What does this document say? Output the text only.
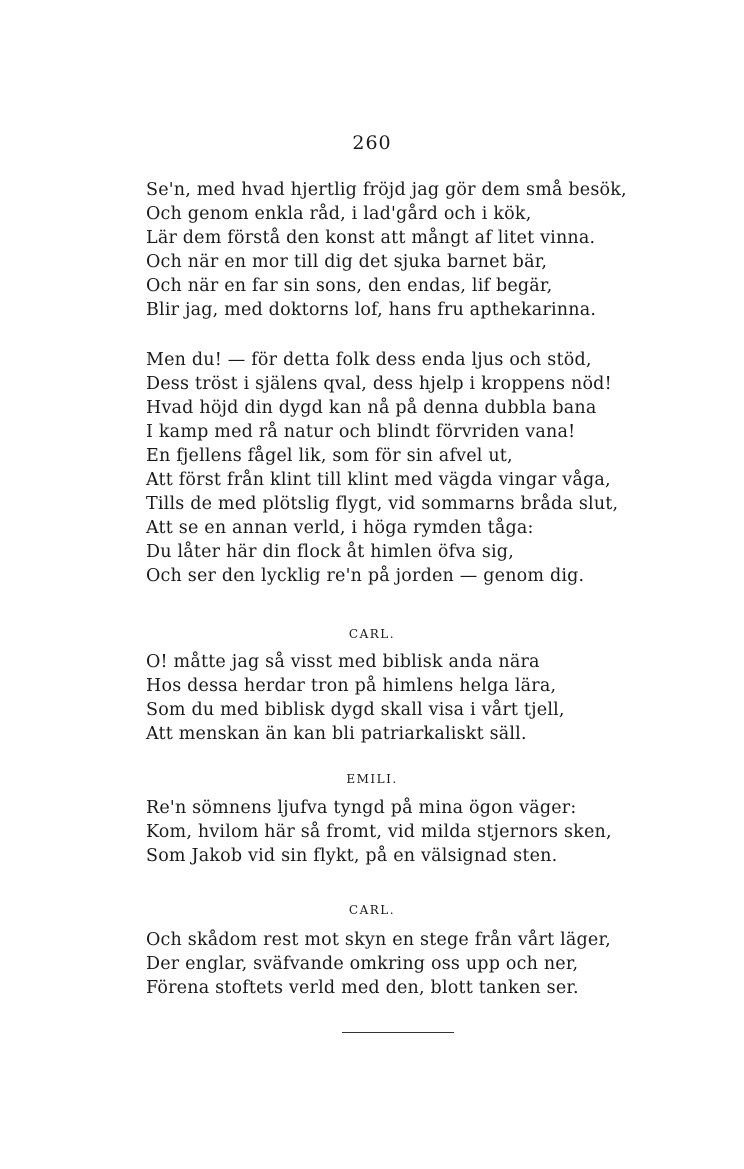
260
Se'n, med hvad hjertlig fröjd jag gör dem små besök,
Och genom enkla råd, i lad'gård och i kök,
Lär dem förstå den konst att mångt af litet vinna.
Och när en mor till dig det sjuka barnet bär,
Och när en far sin sons, den endas, lif begär,
Blir jag, med doktorns lof, hans fru apthekarinna.
Men du! — för detta folk dess enda ljus och stöd,
Dess tröst i själens qval, dess hjelp i kroppens nöd!
Hvad höjd din dygd kan nå på denna dubbla bana
I kamp med rå natur och blindt förvriden vana!
En fjellens fågel lik, som för sin afvel ut,
Att först från klint till klint med vägda vingar våga,
Tills de med plötslig flygt, vid sommarns bråda slut,
Att se en annan verld, i höga rymden tåga:
Du låter här din flock åt himlen öfva sig,
Och ser den lycklig re'n på jorden — genom dig.
CARL.
O! måtte jag så visst med biblisk anda nära
Hos dessa herdar tron på himlens helga lära,
Som du med biblisk dygd skall visa i vårt tjell,
Att menskan än kan bli patriarkaliskt säll.
EMILI.
Re'n sömnens ljufva tyngd på mina ögon väger:
Kom, hvilom här så fromt, vid milda stjernors sken,
Som Jakob vid sin flykt, på en välsignad sten.
CARL.
Och skådom rest mot skyn en stege från vårt läger,
Der englar, sväfvande omkring oss upp och ner,
Förena stoftets verld med den, blott tanken ser.
